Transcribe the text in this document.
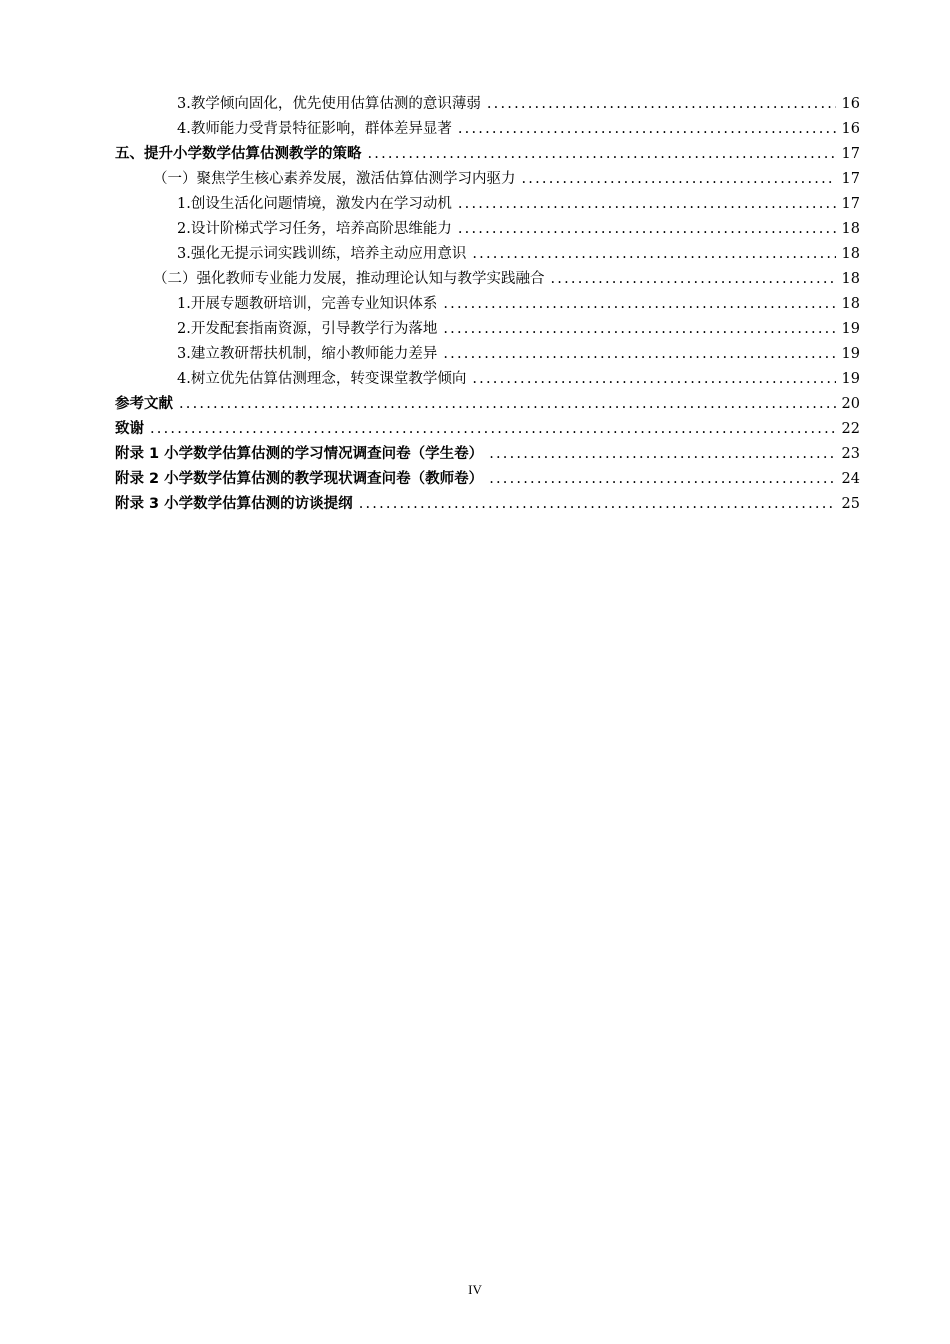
3.教学倾向固化，优先使用估算估测的意识薄弱 .....	16
4.教师能力受背景特征影响，群体差异显著 .....	16
五、提升小学数学估算估测教学的策略 .....	17
（一）聚焦学生核心素养发展，激活估算估测学习内驱力 .....	17
1.创设生活化问题情境，激发内在学习动机 .....	17
2.设计阶梯式学习任务，培养高阶思维能力 .....	18
3.强化无提示词实践训练，培养主动应用意识 .....	18
（二）强化教师专业能力发展，推动理论认知与教学实践融合 .....	18
1.开展专题教研培训，完善专业知识体系 .....	18
2.开发配套指南资源，引导教学行为落地 .....	19
3.建立教研帮扶机制，缩小教师能力差异 .....	19
4.树立优先估算估测理念，转变课堂教学倾向 .....	19
参考文献 .....	20
致谢 .....	22
附录 1 小学数学估算估测的学习情况调查问卷（学生卷） .....	23
附录 2 小学数学估算估测的教学现状调查问卷（教师卷） .....	24
附录 3 小学数学估算估测的访谈提纲 .....	25
IV
